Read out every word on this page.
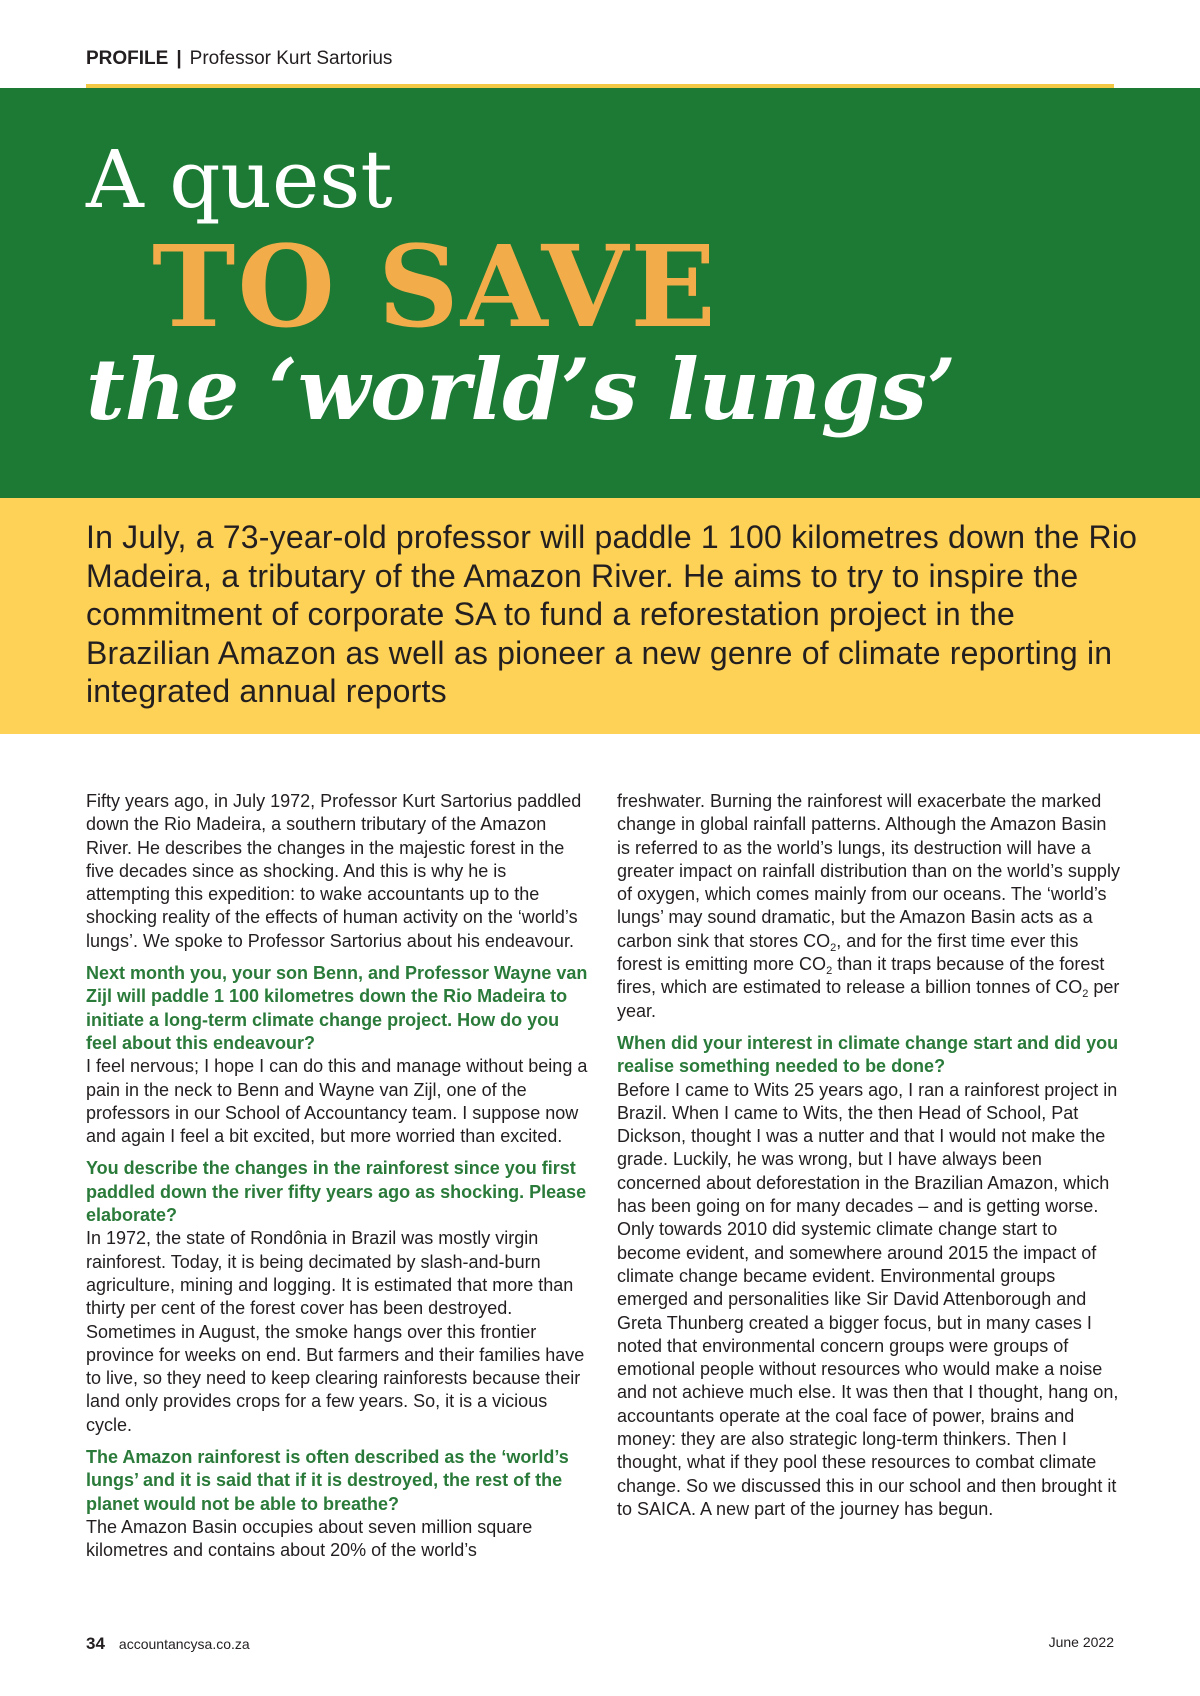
PROFILE | Professor Kurt Sartorius
A quest
TO SAVE
the ‘world’s lungs’

In July, a 73-year-old professor will paddle 1 100 kilometres down the Rio Madeira, a tributary of the Amazon River. He aims to try to inspire the commitment of corporate SA to fund a reforestation project in the Brazilian Amazon as well as pioneer a new genre of climate reporting in integrated annual reports

Fifty years ago, in July 1972, Professor Kurt Sartorius paddled down the Rio Madeira, a southern tributary of the Amazon River. He describes the changes in the majestic forest in the five decades since as shocking. And this is why he is attempting this expedition: to wake accountants up to the shocking reality of the effects of human activity on the ‘world’s lungs’. We spoke to Professor Sartorius about his endeavour.

Next month you, your son Benn, and Professor Wayne van Zijl will paddle 1 100 kilometres down the Rio Madeira to initiate a long-term climate change project. How do you feel about this endeavour?

I feel nervous; I hope I can do this and manage without being a pain in the neck to Benn and Wayne van Zijl, one of the professors in our School of Accountancy team. I suppose now and again I feel a bit excited, but more worried than excited.

You describe the changes in the rainforest since you first paddled down the river fifty years ago as shocking. Please elaborate?

In 1972, the state of Rondônia in Brazil was mostly virgin rainforest. Today, it is being decimated by slash-and-burn agriculture, mining and logging. It is estimated that more than thirty per cent of the forest cover has been destroyed. Sometimes in August, the smoke hangs over this frontier province for weeks on end. But farmers and their families have to live, so they need to keep clearing rainforests because their land only provides crops for a few years. So, it is a vicious cycle.

The Amazon rainforest is often described as the ‘world’s lungs’ and it is said that if it is destroyed, the rest of the planet would not be able to breathe?

The Amazon Basin occupies about seven million square kilometres and contains about 20% of the world’s

freshwater. Burning the rainforest will exacerbate the marked change in global rainfall patterns. Although the Amazon Basin is referred to as the world’s lungs, its destruction will have a greater impact on rainfall distribution than on the world’s supply of oxygen, which comes mainly from our oceans. The ‘world’s lungs’ may sound dramatic, but the Amazon Basin acts as a carbon sink that stores $CO_2$, and for the first time ever this forest is emitting more $CO_2$ than it traps because of the forest fires, which are estimated to release a billion tonnes of $CO_2$ per year.

When did your interest in climate change start and did you realise something needed to be done?

Before I came to Wits 25 years ago, I ran a rainforest project in Brazil. When I came to Wits, the then Head of School, Pat Dickson, thought I was a nutter and that I would not make the grade. Luckily, he was wrong, but I have always been concerned about deforestation in the Brazilian Amazon, which has been going on for many decades – and is getting worse. Only towards 2010 did systemic climate change start to become evident, and somewhere around 2015 the impact of climate change became evident. Environmental groups emerged and personalities like Sir David Attenborough and Greta Thunberg created a bigger focus, but in many cases I noted that environmental concern groups were groups of emotional people without resources who would make a noise and not achieve much else. It was then that I thought, hang on, accountants operate at the coal face of power, brains and money: they are also strategic long-term thinkers. Then I thought, what if they pool these resources to combat climate change. So we discussed this in our school and then brought it to SAICA. A new part of the journey has begun.

34 accountancysa.co.za	June 2022
